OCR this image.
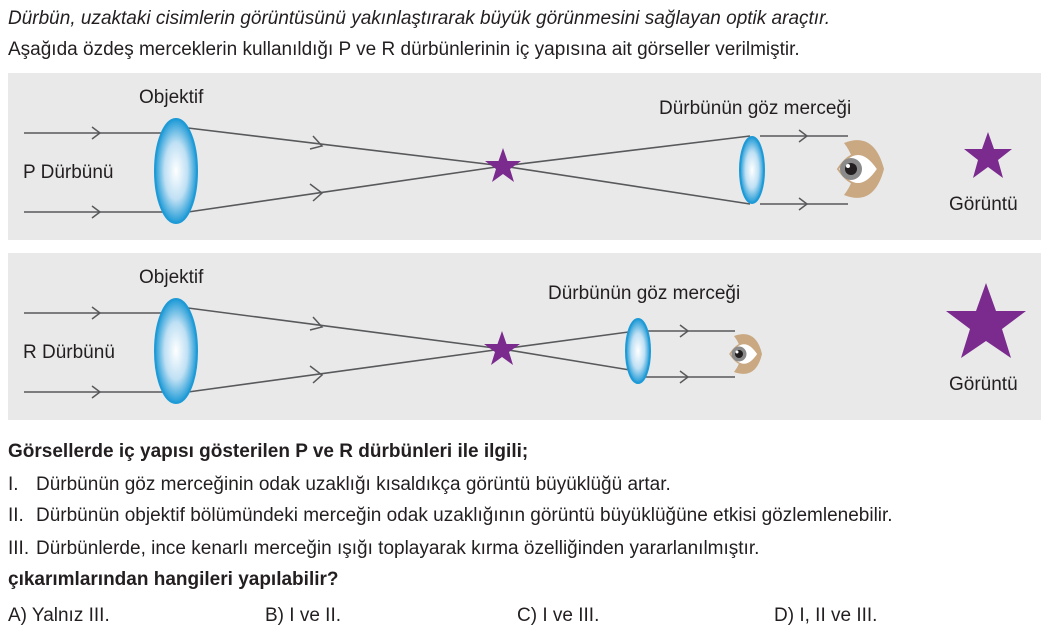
Dürbün, uzaktaki cisimlerin görüntüsünü yakınlaştırarak büyük görünmesini sağlayan optik araçtır.
Aşağıda özdeş merceklerin kullanıldığı P ve R dürbünlerinin iç yapısına ait görseller verilmiştir.
Objektif
Dürbünün göz merceği
P Dürbünü
Görüntü
Objektif
Dürbünün göz merceği
R Dürbünü
Görüntü
Görsellerde iç yapısı gösterilen P ve R dürbünleri ile ilgili;
I. Dürbünün göz merceğinin odak uzaklığı kısaldıkça görüntü büyüklüğü artar.
II. Dürbünün objektif bölümündeki merceğin odak uzaklığının görüntü büyüklüğüne etkisi gözlemlenebilir.
III. Dürbünlerde, ince kenarlı merceğin ışığı toplayarak kırma özelliğinden yararlanılmıştır.
çıkarımlarından hangileri yapılabilir?
A) Yalnız III.	B) I ve II.	C) I ve III.	D) I, II ve III.
